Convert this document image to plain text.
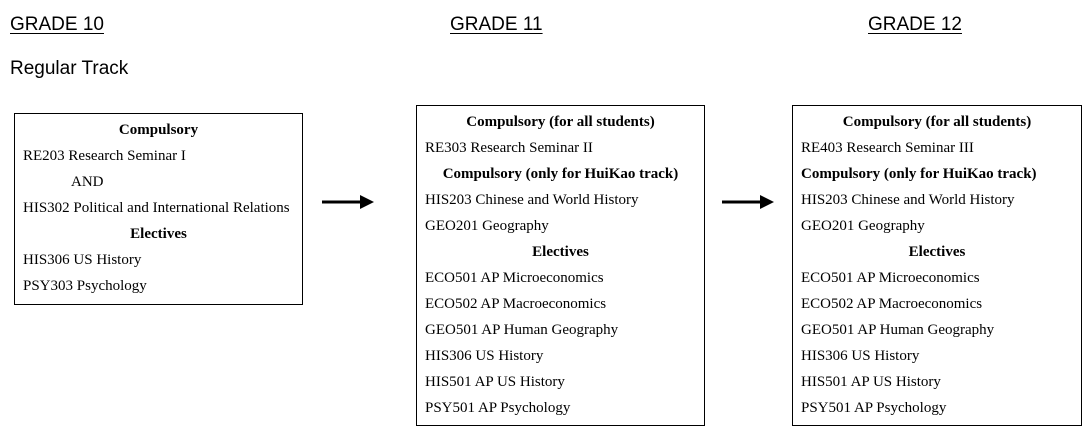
GRADE 10	GRADE 11	GRADE 12
Regular Track
Compulsory
RE203 Research Seminar I
AND
HIS302 Political and International Relations
Electives
HIS306 US History
PSY303 Psychology
Compulsory (for all students)
RE303 Research Seminar II
Compulsory (only for HuiKao track)
HIS203 Chinese and World History
GEO201 Geography
Electives
ECO501 AP Microeconomics
ECO502 AP Macroeconomics
GEO501 AP Human Geography
HIS306 US History
HIS501 AP US History
PSY501 AP Psychology
Compulsory (for all students)
RE403 Research Seminar III
Compulsory (only for HuiKao track)
HIS203 Chinese and World History
GEO201 Geography
Electives
ECO501 AP Microeconomics
ECO502 AP Macroeconomics
GEO501 AP Human Geography
HIS306 US History
HIS501 AP US History
PSY501 AP Psychology
